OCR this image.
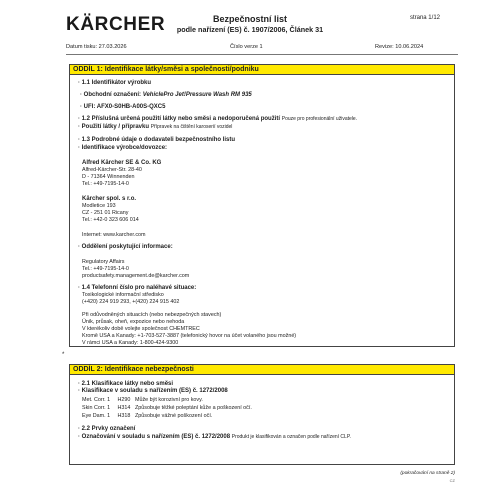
KÄRCHER	Bezpečnostní list
podle nařízení (ES) č. 1907/2006, Článek 31
strana 1/12
Datum tisku: 27.03.2026	Číslo verze 1	Revize: 10.06.2024
ODDÍL 1: Identifikace látky/směsi a společnosti/podniku
· 1.1 Identifikátor výrobku
· Obchodní označení: VehiclePro Jet!Pressure Wash RM 935
· UFI: AFX0-S0HB-A00S-QXC5
· 1.2 Příslušná určená použití látky nebo směsi a nedoporučená použití Pouze pro profesionální uživatele.
· Použití látky / přípravku Přípravek na čištění karoserií vozidel
· 1.3 Podrobné údaje o dodavateli bezpečnostního listu
· Identifikace výrobce/dovozce:
Alfred Kärcher SE & Co. KG
Alfred-Kärcher-Str. 28-40
D - 71364 Winnenden
Tel.: +49-7195-14-0
Kärcher spol. s r.o.
Modletice 193
CZ - 251 01 Ricany
Tel.: +42-0 323 606 014
Internet: www.karcher.com
· Oddělení poskytující informace:
Regulatory Affairs
Tel.: +49-7195-14-0
productsafety.management.de@karcher.com
· 1.4 Telefonní číslo pro naléhavé situace:
Toxikologické informační středisko
(+420) 224 919 293, +(420) 224 915 402
Při odůvodněných situacích (nebo nebezpečných stavech)
Únik, průsak, oheň, expozice nebo nehoda
V kterékoliv době volejte společnost CHEMTREC
Kromě USA a Kanady: +1-703-527-3887 (telefonický hovor na účet volaného jsou možné)
V rámci USA a Kanady: 1-800-424-9300
*
ODDÍL 2: Identifikace nebezpečnosti
· 2.1 Klasifikace látky nebo směsi
· Klasifikace v souladu s nařízením (ES) č. 1272/2008
Met. Corr. 1 H290 Může být korozivní pro kovy.
Skin Corr. 1 H314 Způsobuje těžké poleptání kůže a poškození očí.
Eye Dam. 1 H318 Způsobuje vážné poškození očí.
· 2.2 Prvky označení
· Označování v souladu s nařízením (ES) č. 1272/2008 Produkt je klasifikován a označen podle nařízení CLP.
(pokračování na straně 2)
CZ
